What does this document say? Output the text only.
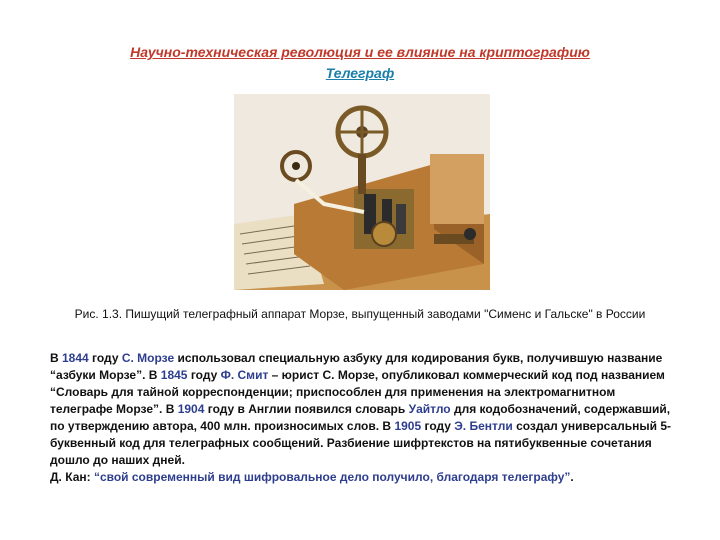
Научно-техническая революция и ее влияние на криптографию
Телеграф
Рис. 1.3. Пишущий телеграфный аппарат Морзе, выпущенный заводами "Сименс и Гальске" в России
В 1844 году С. Морзе использовал специальную азбуку для кодирования букв, получившую название “азбуки Морзе”. В 1845 году Ф. Смит – юрист С. Морзе, опубликовал коммерческий код под названием “Словарь для тайной корреспонденции; приспособлен для применения на электромагнитном телеграфе Морзе”. В 1904 году в Англии появился словарь Уайтло для кодобозначений, содержавший, по утверждению автора, 400 млн. произносимых слов. В 1905 году Э. Бентли создал универсальный 5-буквенный код для телеграфных сообщений. Разбиение шифртекстов на пятибуквенные сочетания дошло до наших дней.
Д. Кан: “свой современный вид шифровальное дело получило, благодаря телеграфу”.
